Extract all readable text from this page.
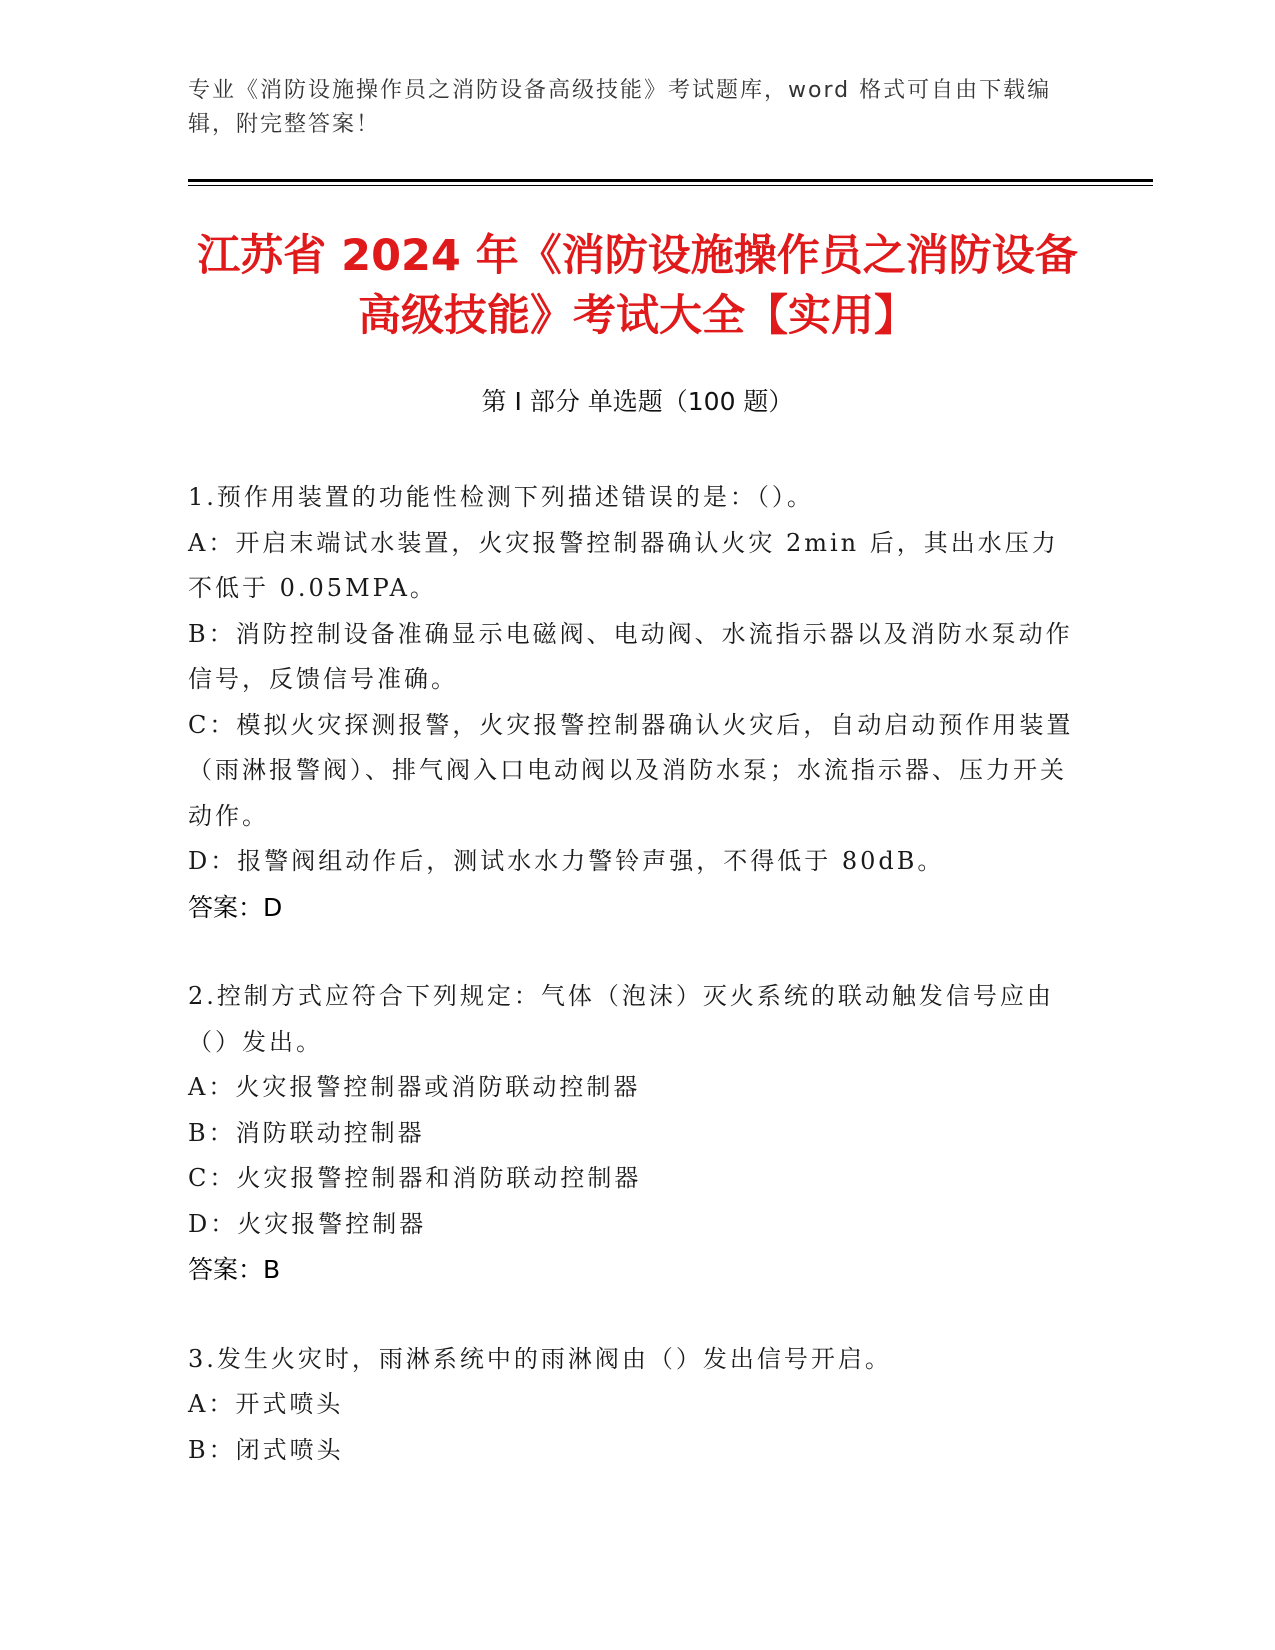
专业《消防设施操作员之消防设备高级技能》考试题库，word 格式可自由下载编辑，附完整答案！
江苏省 2024 年《消防设施操作员之消防设备
高级技能》考试大全【实用】
第 I 部分 单选题（100 题）
1.预作用装置的功能性检测下列描述错误的是：（）。
A：开启末端试水装置，火灾报警控制器确认火灾 2min 后，其出水压力不低于 0.05MPA。
B：消防控制设备准确显示电磁阀、电动阀、水流指示器以及消防水泵动作信号，反馈信号准确。
C：模拟火灾探测报警，火灾报警控制器确认火灾后，自动启动预作用装置（雨淋报警阀）、排气阀入口电动阀以及消防水泵；水流指示器、压力开关动作。
D：报警阀组动作后，测试水水力警铃声强，不得低于 80dB。
答案：D
2.控制方式应符合下列规定：气体（泡沫）灭火系统的联动触发信号应由（）发出。
A：火灾报警控制器或消防联动控制器
B：消防联动控制器
C：火灾报警控制器和消防联动控制器
D：火灾报警控制器
答案：B
3.发生火灾时，雨淋系统中的雨淋阀由（）发出信号开启。
A：开式喷头
B：闭式喷头
